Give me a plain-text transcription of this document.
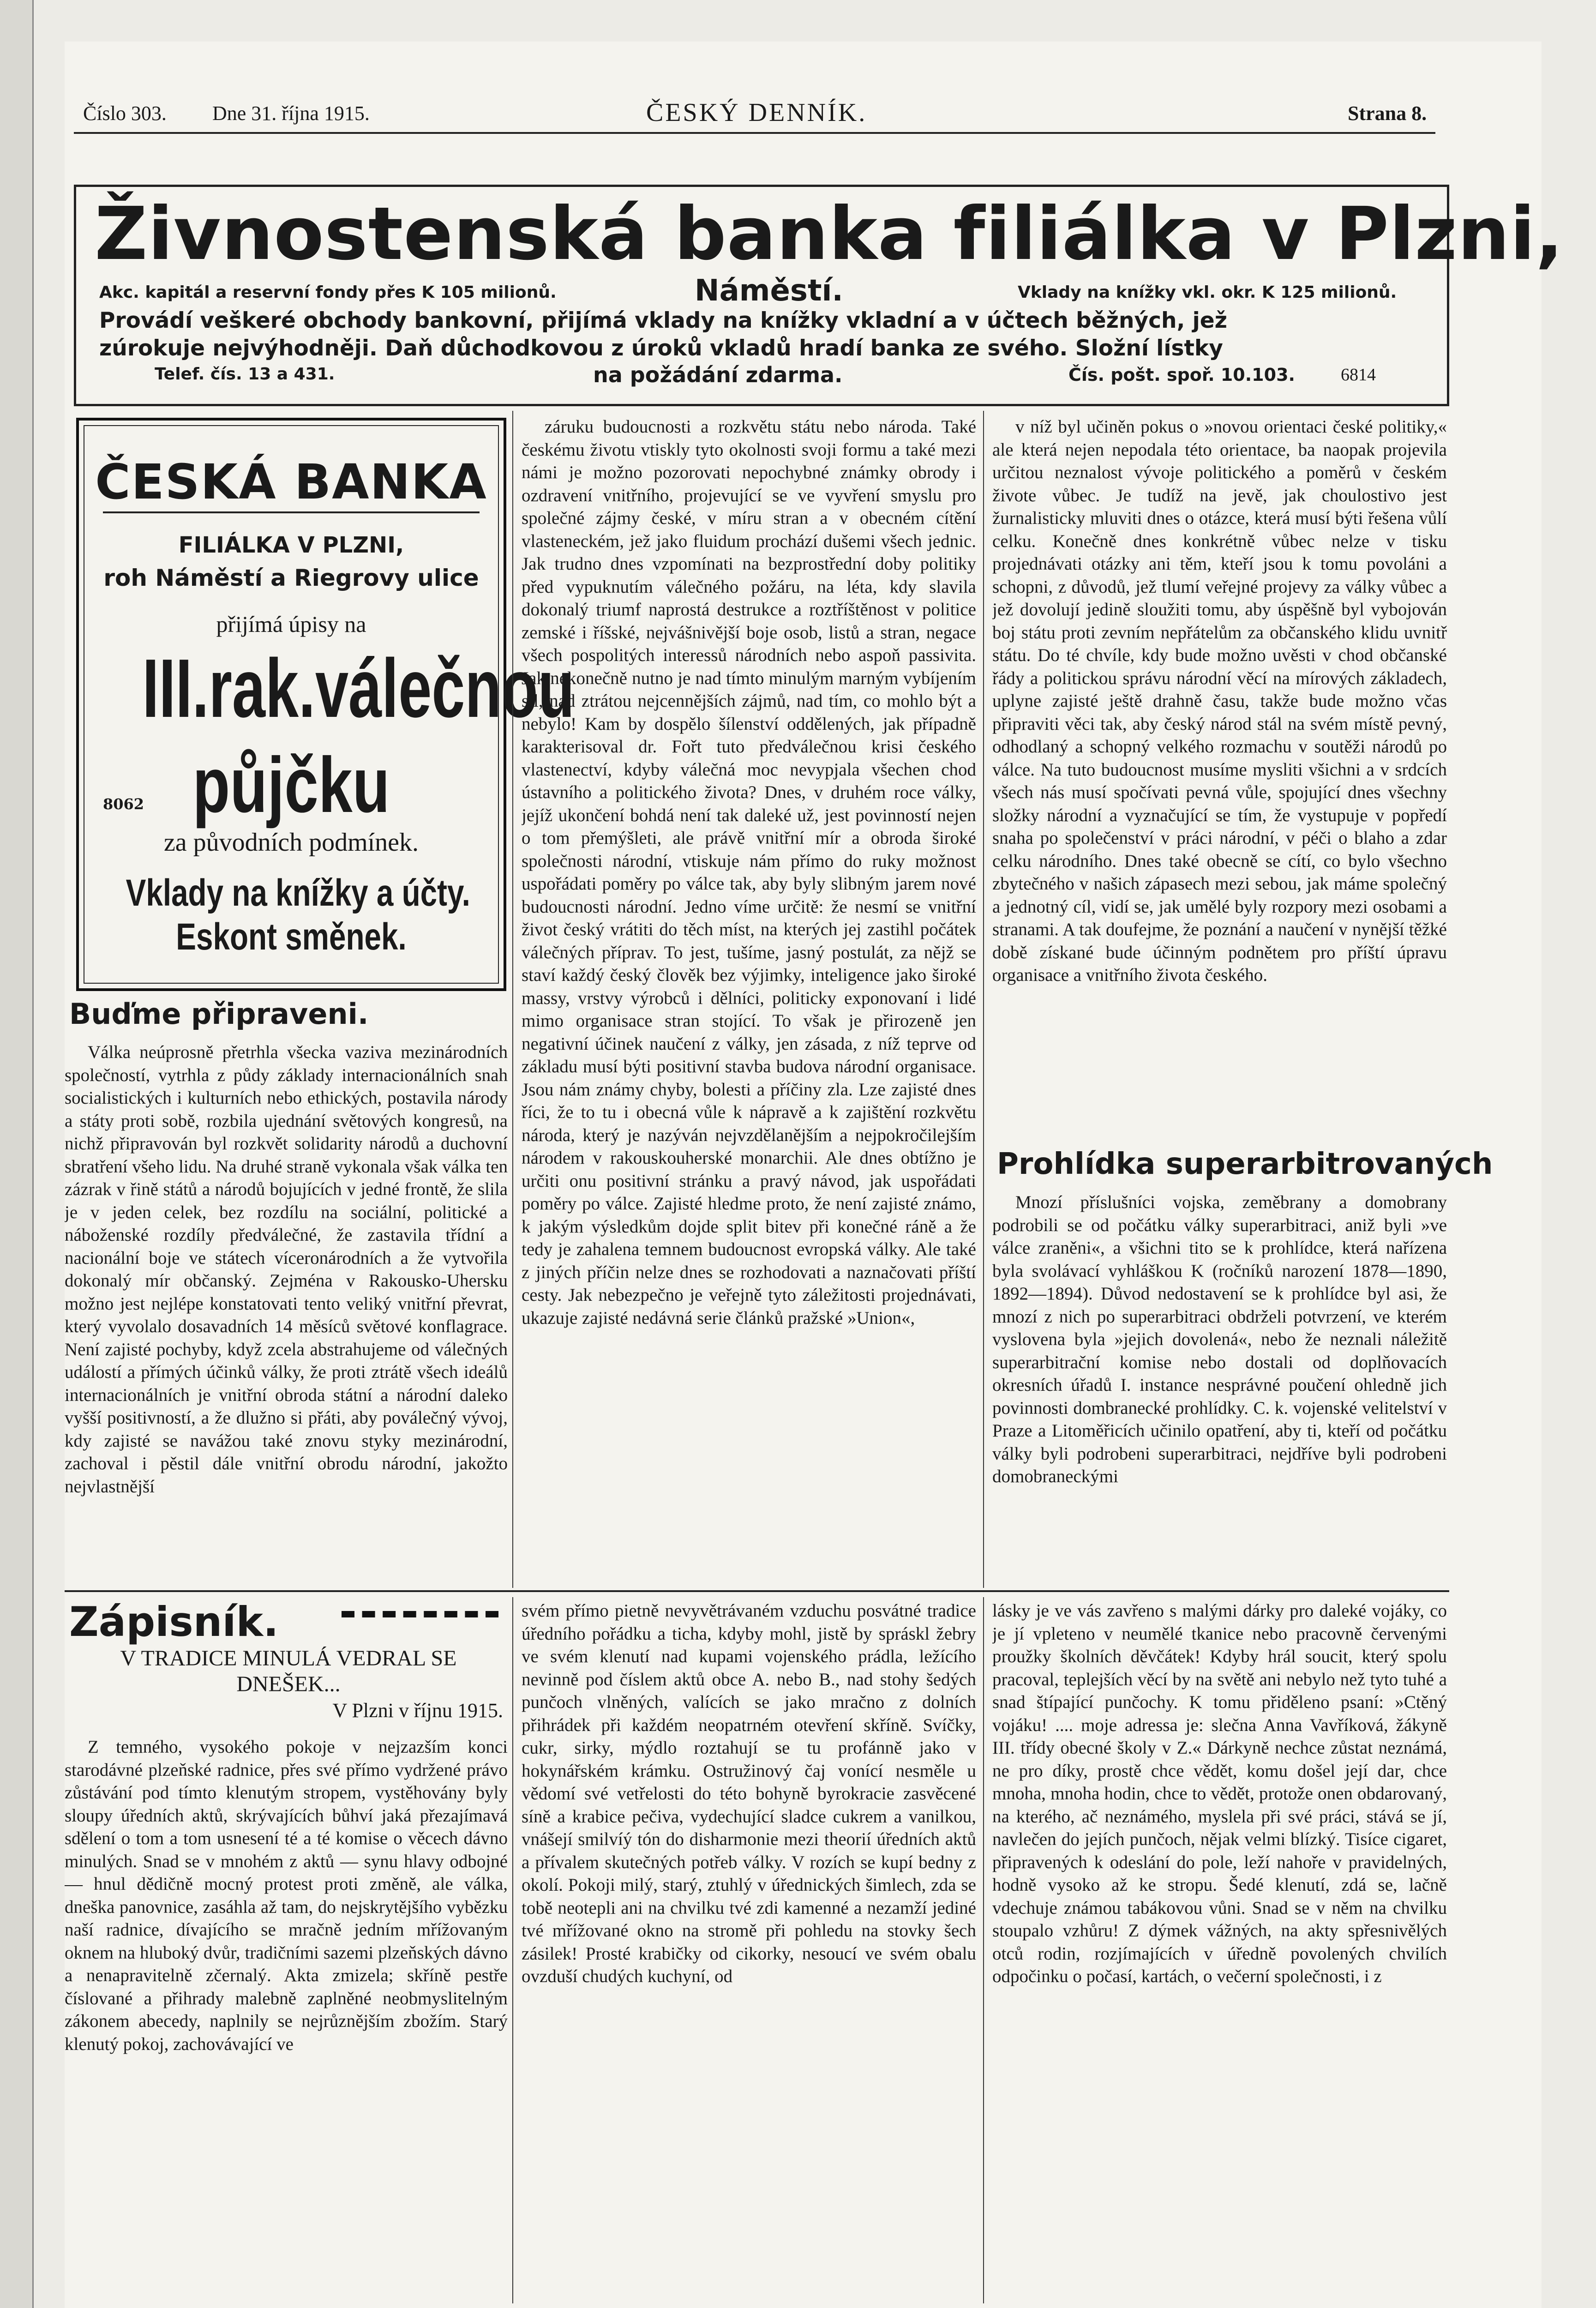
Číslo 303. Dne 31. října 1915.	ČESKÝ DENNÍK.	Strana 8.
Živnostenská banka filiálka v Plzni,
Akc. kapitál a reservní fondy přes K 105 milionů.	Náměstí.	Vklady na knížky vkl. okr. K 125 milionů.
Provádí veškeré obchody bankovní, přijímá vklady na knížky vkladní a v účtech běžných, jež
zúrokuje nejvýhodněji. Daň důchodkovou z úroků vkladů hradí banka ze svého. Složní lístky
Telef. čís. 13 a 431.	na požádání zdarma.	Čís. pošt. spoř. 10.103.	6814
ČESKÁ BANKA
FILIÁLKA V PLZNI,
roh Náměstí a Riegrovy ulice
přijímá úpisy na
III.rak.válečnou
půjčku
8062
za původních podmínek.
Vklady na knížky a účty.
Eskont směnek.
Buďme připraveni.

Válka neúprosně přetrhla všecka vaziva mezinárodních společností, vytrhla z půdy základy internacionálních snah socialistických i kulturních nebo ethických, postavila národy a státy proti sobě, rozbila ujednání světových kongresů, na nichž připravován byl rozkvět solidarity národů a duchovní sbratření všeho lidu. Na druhé straně vykonala však válka ten zázrak v řině států a národů bojujících v jedné frontě, že slila je v jeden celek, bez rozdílu na sociální, politické a náboženské rozdíly předválečné, že zastavila třídní a nacionální boje ve státech víceronárodních a že vytvořila dokonalý mír občanský. Zejména v Rakousko-Uhersku možno jest nejlépe konstatovati tento veliký vnitřní převrat, který vyvolalo dosavadních 14 měsíců světové konflagrace. Není zajisté pochyby, když zcela abstrahujeme od válečných událostí a přímých účinků války, že proti ztrátě všech ideálů internacionálních je vnitřní obroda státní a národní daleko vyšší positivností, a že dlužno si přáti, aby poválečný vývoj, kdy zajisté se navážou také znovu styky mezinárodní, zachoval i pěstil dále vnitřní obrodu národní, jakožto nejvlastnější

záruku budoucnosti a rozkvětu státu nebo národa. Také českému životu vtiskly tyto okolnosti svoji formu a také mezi námi je možno pozorovati nepochybné známky obrody i ozdravení vnitřního, projevující se ve vyvření smyslu pro společné zájmy české, v míru stran a v obecném cítění vlasteneckém, jež jako fluidum prochází dušemi všech jednic. Jak trudno dnes vzpomínati na bezprostřední doby politiky před vypuknutím válečného požáru, na léta, kdy slavila dokonalý triumf naprostá destrukce a roztříštěnost v politice zemské i říšské, nejvášnivější boje osob, listů a stran, negace všech pospolitých interessů národních nebo aspoň passivita. Jak nekonečně nutno je nad tímto minulým marným vybíjením sil, nad ztrátou nejcennějších zájmů, nad tím, co mohlo být a nebylo! Kam by dospělo šílenství oddělených, jak případně karakterisoval dr. Fořt tuto předválečnou krisi českého vlastenectví, kdyby válečná moc nevypjala všechen chod ústavního a politického života? Dnes, v druhém roce války, jejíž ukončení bohdá není tak daleké už, jest povinností nejen o tom přemýšleti, ale právě vnitřní mír a obroda široké společnosti národní, vtiskuje nám přímo do ruky možnost uspořádati poměry po válce tak, aby byly slibným jarem nové budoucnosti národní. Jedno víme určitě: že nesmí se vnitřní život český vrátiti do těch míst, na kterých jej zastihl počátek válečných příprav. To jest, tušíme, jasný postulát, za nějž se staví každý český člověk bez výjimky, inteligence jako široké massy, vrstvy výrobců i dělníci, politicky exponovaní i lidé mimo organisace stran stojící. To však je přirozeně jen negativní účinek naučení z války, jen zásada, z níž teprve od základu musí býti positivní stavba budova národní organisace. Jsou nám známy chyby, bolesti a příčiny zla. Lze zajisté dnes říci, že to tu i obecná vůle k nápravě a k zajištění rozkvětu národa, který je nazýván nejvzdělanějším a nejpokročilejším národem v rakouskouherské monarchii. Ale dnes obtížno je určiti onu positivní stránku a pravý návod, jak uspořádati poměry po válce. Zajisté hledme proto, že není zajisté známo, k jakým výsledkům dojde split bitev při konečné ráně a že tedy je zahalena temnem budoucnost evropská války. Ale také z jiných příčin nelze dnes se rozhodovati a naznačovati příští cesty. Jak nebezpečno je veřejně tyto záležitosti projednávati, ukazuje zajisté nedávná serie článků pražské »Union«,

v níž byl učiněn pokus o »novou orientaci české politiky,« ale která nejen nepodala této orientace, ba naopak projevila určitou neznalost vývoje politického a poměrů v českém živote vůbec. Je tudíž na jevě, jak choulostivo jest žurnalisticky mluviti dnes o otázce, která musí býti řešena vůlí celku. Konečně dnes konkrétně vůbec nelze v tisku projednávati otázky ani těm, kteří jsou k tomu povoláni a schopni, z důvodů, jež tlumí veřejné projevy za války vůbec a jež dovolují jedině sloužiti tomu, aby úspěšně byl vybojován boj státu proti zevním nepřátelům za občanského klidu uvnitř státu. Do té chvíle, kdy bude možno uvěsti v chod občanské řády a politickou správu národní věcí na mírových základech, uplyne zajisté ještě drahně času, takže bude možno včas připraviti věci tak, aby český národ stál na svém místě pevný, odhodlaný a schopný velkého rozmachu v soutěži národů po válce. Na tuto budoucnost musíme mysliti všichni a v srdcích všech nás musí spočívati pevná vůle, spojující dnes všechny složky národní a vyznačující se tím, že vystupuje v popředí snaha po společenství v práci národní, v péči o blaho a zdar celku národního. Dnes také obecně se cítí, co bylo všechno zbytečného v našich zápasech mezi sebou, jak máme společný a jednotný cíl, vidí se, jak umělé byly rozpory mezi osobami a stranami. A tak doufejme, že poznání a naučení v nynější těžké době získané bude účinným podnětem pro příští úpravu organisace a vnitřního života českého.

Prohlídka superarbitrovaných

Mnozí příslušníci vojska, zeměbrany a domobrany podrobili se od počátku války superarbitraci, aniž byli »ve válce zraněni«, a všichni tito se k prohlídce, která nařízena byla svolávací vyhláškou K (ročníků narození 1878—1890, 1892—1894). Důvod nedostavení se k prohlídce byl asi, že mnozí z nich po superarbitraci obdrželi potvrzení, ve kterém vyslovena byla »jejich dovolená«, nebo že neznali náležitě superarbitrační komise nebo dostali od doplňovacích okresních úřadů I. instance nesprávné poučení ohledně jich povinnosti dombranecké prohlídky. C. k. vojenské velitelství v Praze a Litoměřicích učinilo opatření, aby ti, kteří od počátku války byli podrobeni superarbitraci, nejdříve byli podrobeni domobraneckými

Zápisník.
V TRADICE MINULÁ VEDRAL SE DNEŠEK...
V Plzni v říjnu 1915.

Z temného, vysokého pokoje v nejzazším konci starodávné plzeňské radnice, přes své přímo vydržené právo zůstávání pod tímto klenutým stropem, vystěhovány byly sloupy úředních aktů, skrývajících bůhví jaká přezajímavá sdělení o tom a tom usnesení té a té komise o věcech dávno minulých. Snad se v mnohém z aktů — synu hlavy odbojné — hnul dědičně mocný protest proti změně, ale válka, dneška panovnice, zasáhla až tam, do nejskrytějšího vybězku naší radnice, dívajícího se mračně jedním mřížovaným oknem na hluboký dvůr, tradičními sazemi plzeňských dávno a nenapravitelně zčernalý. Akta zmizela; skříně pestře číslované a přihrady malebně zaplněné neobmyslitelným zákonem abecedy, naplnily se nejrůznějším zbožím. Starý klenutý pokoj, zachovávající ve

svém přímo pietně nevyvětrávaném vzduchu posvátné tradice úředního pořádku a ticha, kdyby mohl, jistě by spráskl žebry ve svém klenutí nad kupami vojenského prádla, ležícího nevinně pod číslem aktů obce A. nebo B., nad stohy šedých punčoch vlněných, valících se jako mračno z dolních přihrádek při každém neopatrném otevření skříně. Svíčky, cukr, sirky, mýdlo roztahují se tu profánně jako v hokynářském krámku. Ostružinový čaj vonící nesměle u vědomí své vetřelosti do této bohyně byrokracie zasvěcené síně a krabice pečiva, vydechující sladce cukrem a vanilkou, vnášejí smilvíý tón do disharmonie mezi theorií úředních aktů a přívalem skutečných potřeb války. V rozích se kupí bedny z okolí. Pokoji milý, starý, ztuhlý v úřednických šimlech, zda se tobě neotepli ani na chvilku tvé zdi kamenné a nezamží jediné tvé mřížované okno na stromě při pohledu na stovky šech zásilek! Prosté krabičky od cikorky, nesoucí ve svém obalu ovzduší chudých kuchyní, od

lásky je ve vás zavřeno s malými dárky pro daleké vojáky, co je jí vpleteno v neumělé tkanice nebo pracovně červenými proužky školních děvčátek! Kdyby hrál soucit, který spolu pracoval, teplejších věcí by na světě ani nebylo než tyto tuhé a snad štípající punčochy. K tomu přiděleno psaní: »Ctěný vojáku! .... moje adressa je: slečna Anna Vavříková, žákyně III. třídy obecné školy v Z.« Dárkyně nechce zůstat neznámá, ne pro díky, prostě chce vědět, komu došel její dar, chce mnoha, mnoha hodin, chce to vědět, protože onen obdarovaný, na kterého, ač neznámého, myslela při své práci, stává se jí, navlečen do jejích punčoch, nějak velmi blízký. Tisíce cigaret, připravených k odeslání do pole, leží nahoře v pravidelných, hodně vysoko až ke stropu. Šedé klenutí, zdá se, lačně vdechuje známou tabákovou vůni. Snad se v něm na chvilku stoupalo vzhůru! Z dýmek vážných, na akty spřesnivělých otců rodin, rozjímajících v úředně povolených chvilích odpočinku o počasí, kartách, o večerní společnosti, i z
